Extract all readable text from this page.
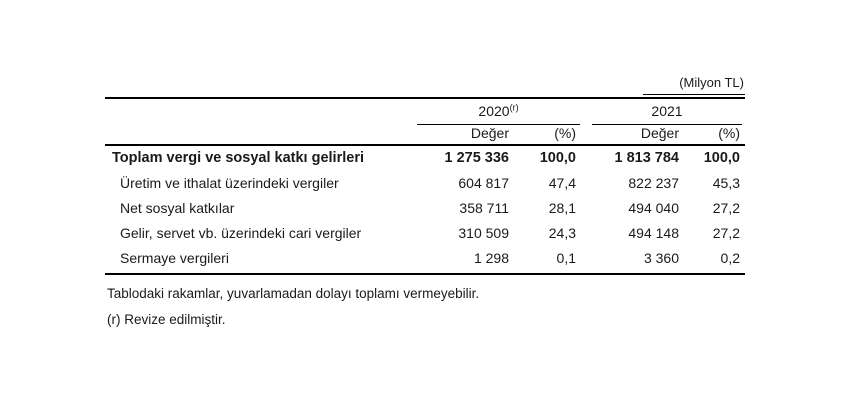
(Milyon TL)
2020$^{(r)}$	2021
Değer	(%)	Değer	(%)
Toplam vergi ve sosyal katkı gelirleri	1 275 336	100,0	1 813 784	100,0
Üretim ve ithalat üzerindeki vergiler	604 817	47,4	822 237	45,3
Net sosyal katkılar	358 711	28,1	494 040	27,2
Gelir, servet vb. üzerindeki cari vergiler	310 509	24,3	494 148	27,2
Sermaye vergileri	1 298	0,1	3 360	0,2
Tablodaki rakamlar, yuvarlamadan dolayı toplamı vermeyebilir.
(r) Revize edilmiştir.
